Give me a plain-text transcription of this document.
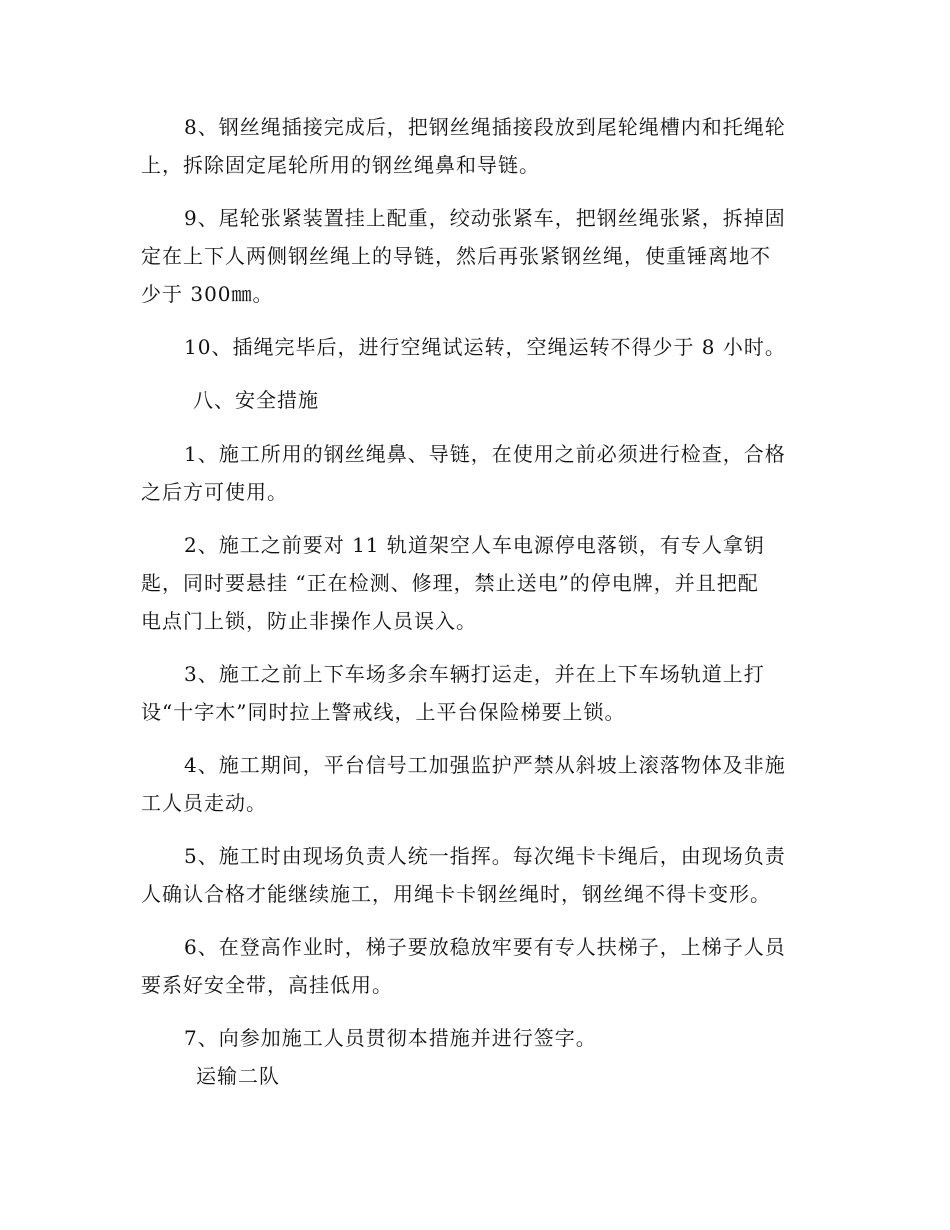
8、钢丝绳插接完成后，把钢丝绳插接段放到尾轮绳槽内和托绳轮
上，拆除固定尾轮所用的钢丝绳鼻和导链。

9、尾轮张紧装置挂上配重，绞动张紧车，把钢丝绳张紧，拆掉固
定在上下人两侧钢丝绳上的导链，然后再张紧钢丝绳，使重锤离地不
少于 300㎜。

10、插绳完毕后，进行空绳试运转，空绳运转不得少于 8 小时。

八、安全措施

1、施工所用的钢丝绳鼻、导链，在使用之前必须进行检查，合格
之后方可使用。

2、施工之前要对 11 轨道架空人车电源停电落锁，有专人拿钥
匙，同时要悬挂 “正在检测、修理，禁止送电”的停电牌，并且把配
电点门上锁，防止非操作人员误入。

3、施工之前上下车场多余车辆打运走，并在上下车场轨道上打
设“十字木”同时拉上警戒线，上平台保险梯要上锁。

4、施工期间，平台信号工加强监护严禁从斜坡上滚落物体及非施
工人员走动。

5、施工时由现场负责人统一指挥。每次绳卡卡绳后，由现场负责
人确认合格才能继续施工，用绳卡卡钢丝绳时，钢丝绳不得卡变形。

6、在登高作业时，梯子要放稳放牢要有专人扶梯子，上梯子人员
要系好安全带，高挂低用。

7、向参加施工人员贯彻本措施并进行签字。

运输二队
